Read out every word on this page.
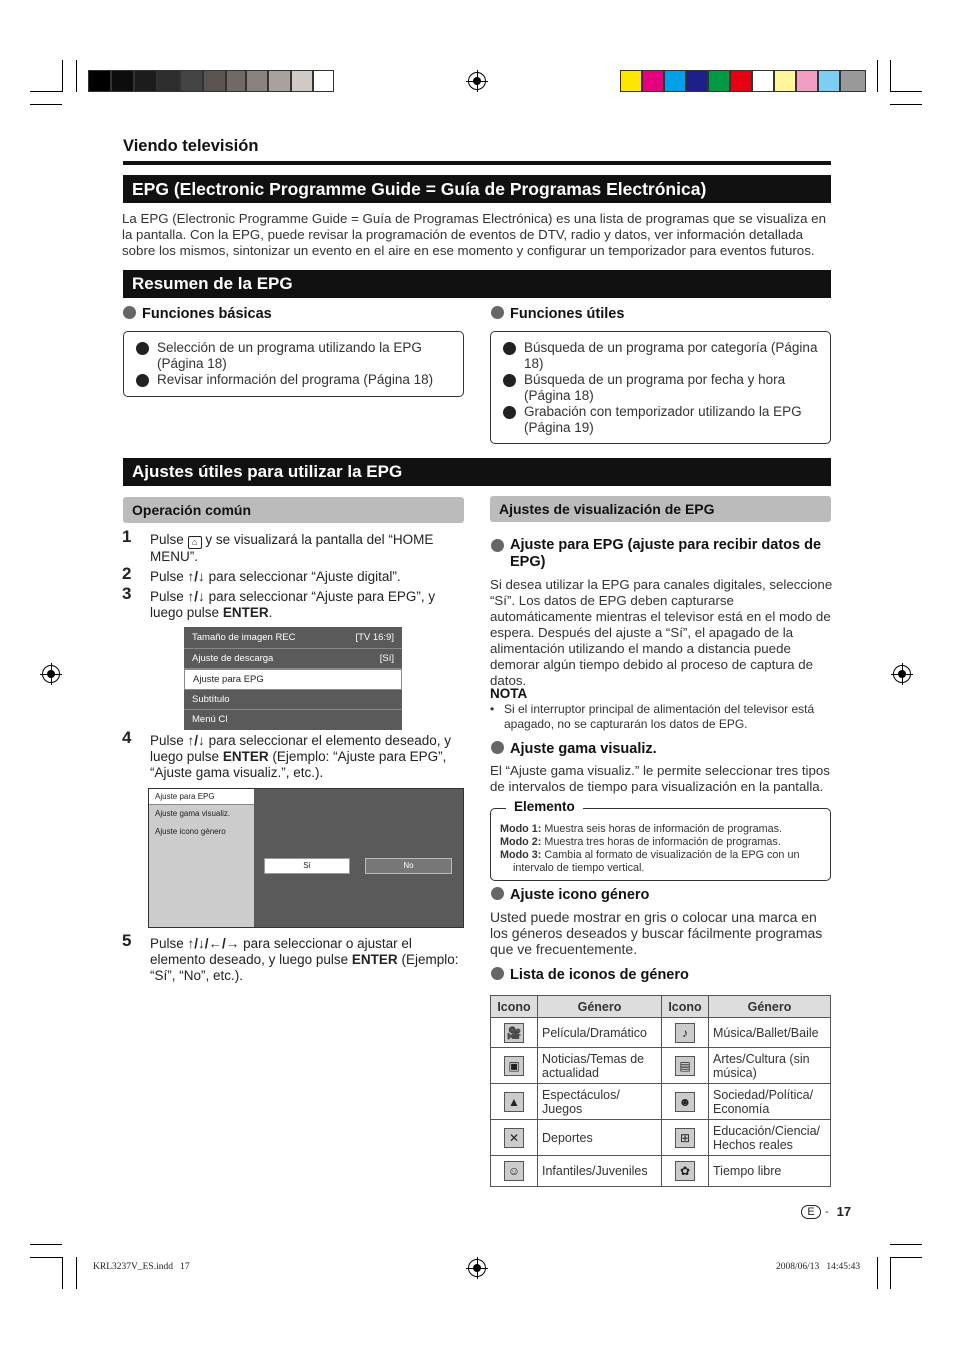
Viendo televisión
EPG (Electronic Programme Guide = Guía de Programas Electrónica)
La EPG (Electronic Programme Guide = Guía de Programas Electrónica) es una lista de programas que se visualiza en la pantalla. Con la EPG, puede revisar la programación de eventos de DTV, radio y datos, ver información detallada sobre los mismos, sintonizar un evento en el aire en ese momento y configurar un temporizador para eventos futuros.
Resumen de la EPG
Funciones básicas
Selección de un programa utilizando la EPG (Página 18)
Revisar información del programa (Página 18)
Funciones útiles
Búsqueda de un programa por categoría (Página 18)
Búsqueda de un programa por fecha y hora (Página 18)
Grabación con temporizador utilizando la EPG (Página 19)
Ajustes útiles para utilizar la EPG
Operación común
1 Pulse ⌂ y se visualizará la pantalla del “HOME MENU”.
2 Pulse ↑/↓ para seleccionar “Ajuste digital”.
3 Pulse ↑/↓ para seleccionar “Ajuste para EPG”, y luego pulse ENTER.
Tamaño de imagen REC	[TV 16:9]
Ajuste de descarga	[Sí]
Ajuste para EPG
Subtítulo
Menú CI
4 Pulse ↑/↓ para seleccionar el elemento deseado, y luego pulse ENTER (Ejemplo: “Ajuste para EPG”, “Ajuste gama visualiz.”, etc.).
Ajuste para EPG
Ajuste gama visualiz.
Ajuste icono género
Sí	No
5 Pulse ↑/↓/←/→ para seleccionar o ajustar el elemento deseado, y luego pulse ENTER (Ejemplo: “Sí”, “No”, etc.).
Ajustes de visualización de EPG
Ajuste para EPG (ajuste para recibir datos de EPG)
Si desea utilizar la EPG para canales digitales, seleccione “Sí”. Los datos de EPG deben capturarse automáticamente mientras el televisor está en el modo de espera. Después del ajuste a “Sí”, el apagado de la alimentación utilizando el mando a distancia puede demorar algún tiempo debido al proceso de captura de datos.
NOTA
• Si el interruptor principal de alimentación del televisor está apagado, no se capturarán los datos de EPG.
Ajuste gama visualiz.
El “Ajuste gama visualiz.” le permite seleccionar tres tipos de intervalos de tiempo para visualización en la pantalla.
Elemento
Modo 1: Muestra seis horas de información de programas.
Modo 2: Muestra tres horas de información de programas.
Modo 3: Cambia al formato de visualización de la EPG con un intervalo de tiempo vertical.
Ajuste icono género
Usted puede mostrar en gris o colocar una marca en los géneros deseados y buscar fácilmente programas que ve frecuentemente.
Lista de iconos de género
Icono	Género	Icono	Género
🎥	Película/Dramático	♪	Música/Ballet/Baile
▣	Noticias/Temas de actualidad	▤	Artes/Cultura (sin música)
▲	Espectáculos/ Juegos	☻	Sociedad/Política/ Economía
✕	Deportes	⊞	Educación/Ciencia/ Hechos reales
☺	Infantiles/Juveniles	✿	Tiempo libre
E - 17
KRL3237V_ES.indd   17	2008/06/13   14:45:43
